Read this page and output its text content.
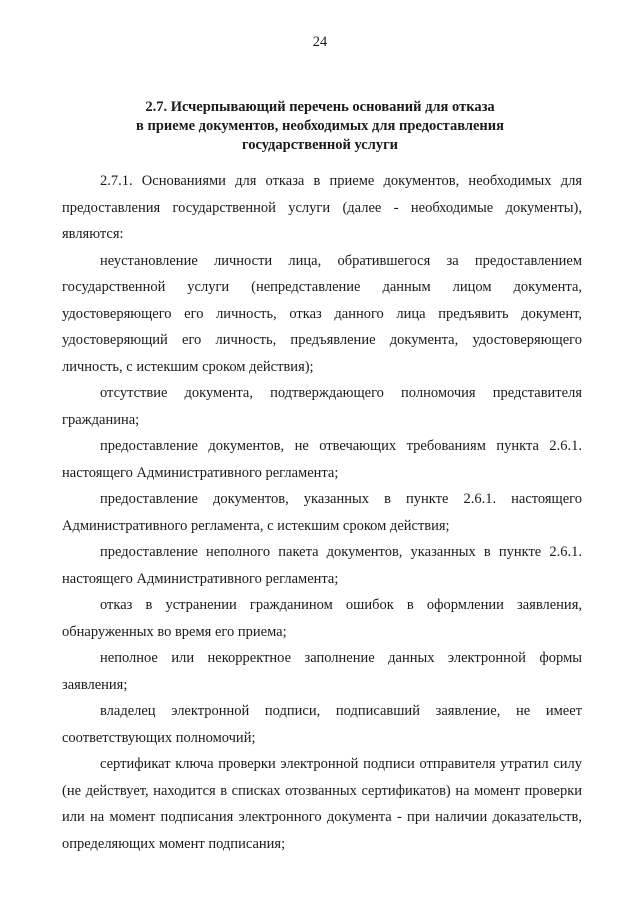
24
2.7. Исчерпывающий перечень оснований для отказа
в приеме документов, необходимых для предоставления
государственной услуги

2.7.1. Основаниями для отказа в приеме документов, необходимых для предоставления государственной услуги (далее - необходимые документы), являются:

неустановление личности лица, обратившегося за предоставлением государственной услуги (непредставление данным лицом документа, удостоверяющего его личность, отказ данного лица предъявить документ, удостоверяющий его личность, предъявление документа, удостоверяющего личность, с истекшим сроком действия);

отсутствие документа, подтверждающего полномочия представителя гражданина;

предоставление документов, не отвечающих требованиям пункта 2.6.1. настоящего Административного регламента;

предоставление документов, указанных в пункте 2.6.1. настоящего Административного регламента, с истекшим сроком действия;

предоставление неполного пакета документов, указанных в пункте 2.6.1. настоящего Административного регламента;

отказ в устранении гражданином ошибок в оформлении заявления, обнаруженных во время его приема;

неполное или некорректное заполнение данных электронной формы заявления;

владелец электронной подписи, подписавший заявление, не имеет соответствующих полномочий;

сертификат ключа проверки электронной подписи отправителя утратил силу (не действует, находится в списках отозванных сертификатов) на момент проверки или на момент подписания электронного документа - при наличии доказательств, определяющих момент подписания;
